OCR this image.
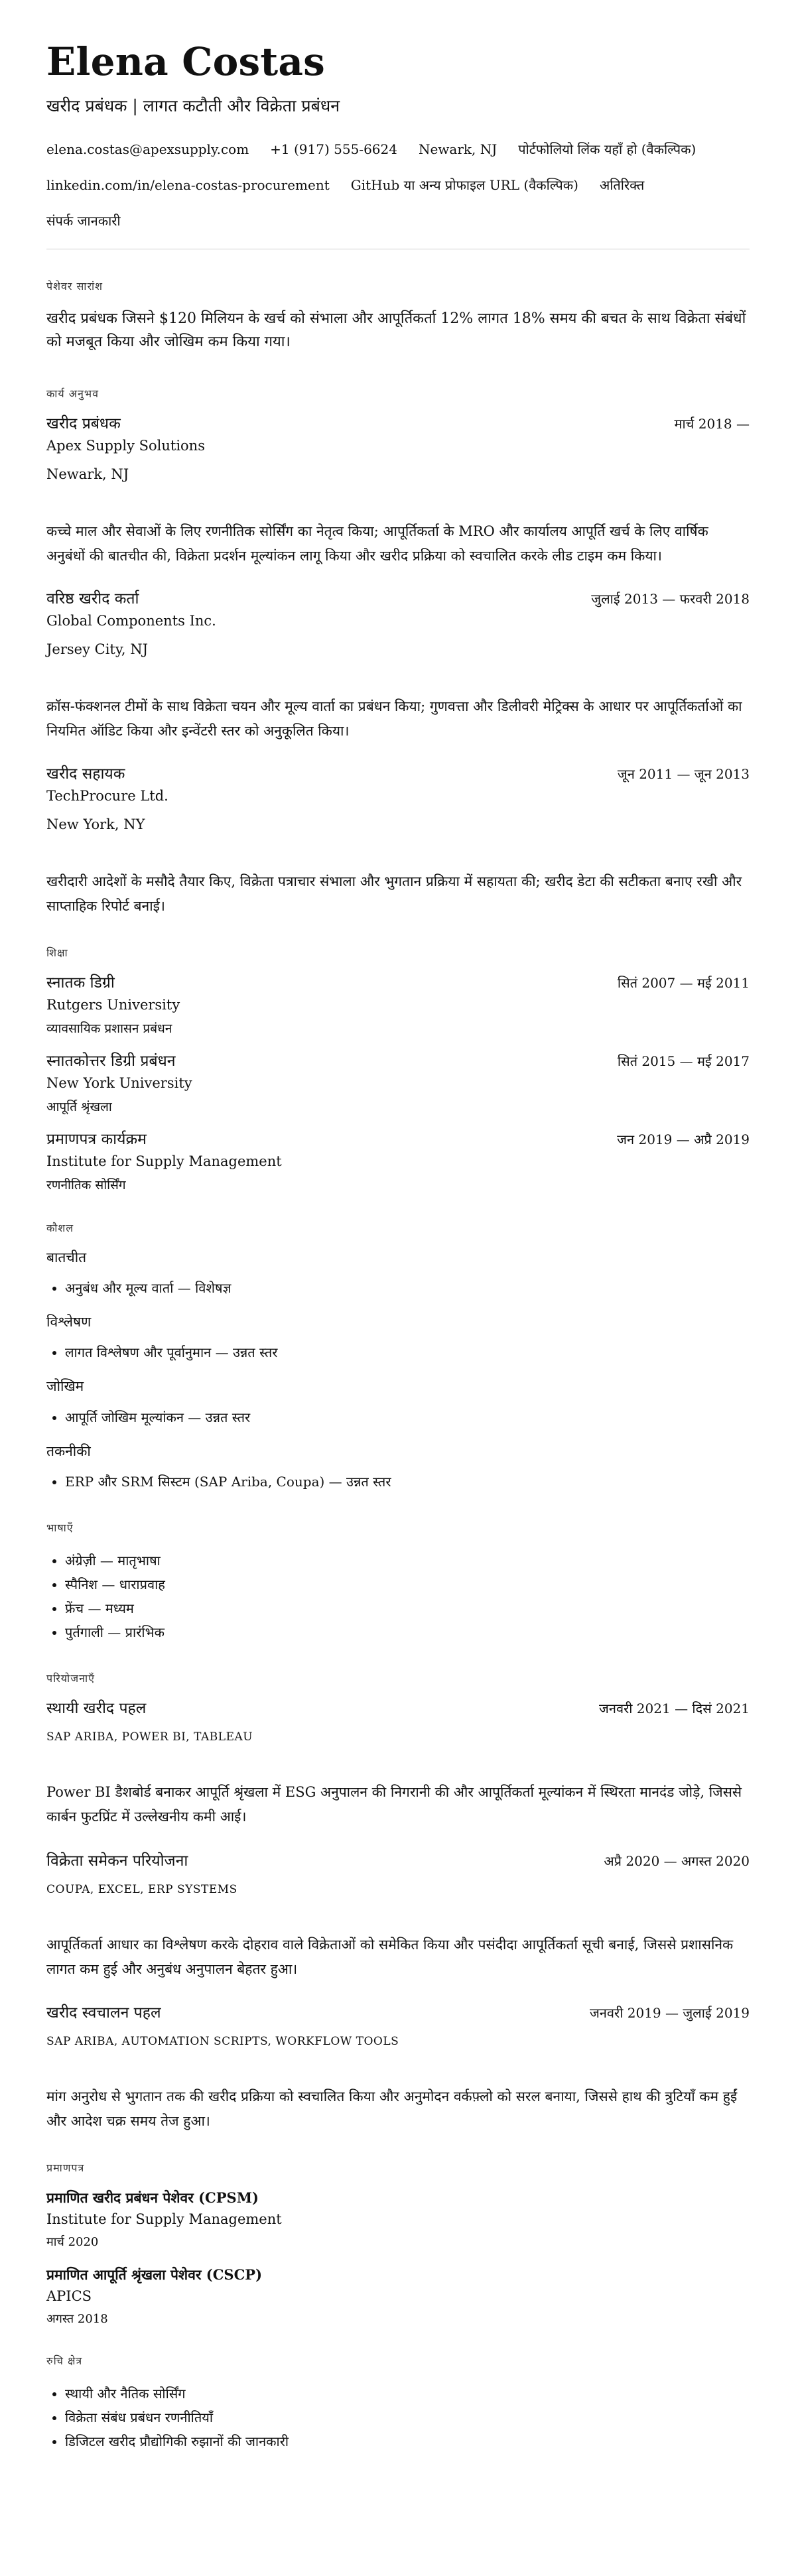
Elena Costas
खरीद प्रबंधक | लागत कटौती और विक्रेता प्रबंधन
elena.costas@apexsupply.com +1 (917) 555-6624 Newark, NJ पोर्टफोलियो लिंक यहाँ हो (वैकल्पिक)
linkedin.com/in/elena-costas-procurement GitHub या अन्य प्रोफाइल URL (वैकल्पिक) अतिरिक्त
संपर्क जानकारी
पेशेवर सारांश

खरीद प्रबंधक जिसने $120 मिलियन के खर्च को संभाला और आपूर्तिकर्ता 12% लागत 18% समय की बचत के साथ विक्रेता संबंधों को मजबूत किया और जोखिम कम किया गया।

कार्य अनुभव
खरीद प्रबंधक	मार्च 2018 —
Apex Supply Solutions
Newark, NJ
कच्चे माल और सेवाओं के लिए रणनीतिक सोर्सिंग का नेतृत्व किया; आपूर्तिकर्ता के MRO और कार्यालय आपूर्ति खर्च के लिए वार्षिक अनुबंधों की बातचीत की, विक्रेता प्रदर्शन मूल्यांकन लागू किया और खरीद प्रक्रिया को स्वचालित करके लीड टाइम कम किया।
वरिष्ठ खरीद कर्ता	जुलाई 2013 — फरवरी 2018
Global Components Inc.
Jersey City, NJ
क्रॉस-फंक्शनल टीमों के साथ विक्रेता चयन और मूल्य वार्ता का प्रबंधन किया; गुणवत्ता और डिलीवरी मेट्रिक्स के आधार पर आपूर्तिकर्ताओं का नियमित ऑडिट किया और इन्वेंटरी स्तर को अनुकूलित किया।
खरीद सहायक	जून 2011 — जून 2013
TechProcure Ltd.
New York, NY
खरीदारी आदेशों के मसौदे तैयार किए, विक्रेता पत्राचार संभाला और भुगतान प्रक्रिया में सहायता की; खरीद डेटा की सटीकता बनाए रखी और साप्ताहिक रिपोर्ट बनाई।
शिक्षा
स्नातक डिग्री	सितं 2007 — मई 2011
Rutgers University
व्यावसायिक प्रशासन प्रबंधन
स्नातकोत्तर डिग्री प्रबंधन	सितं 2015 — मई 2017
New York University
आपूर्ति श्रृंखला
प्रमाणपत्र कार्यक्रम	जन 2019 — अप्रै 2019
Institute for Supply Management
रणनीतिक सोर्सिंग
कौशल
बातचीत
• अनुबंध और मूल्य वार्ता — विशेषज्ञ
विश्लेषण
• लागत विश्लेषण और पूर्वानुमान — उन्नत स्तर
जोखिम
• आपूर्ति जोखिम मूल्यांकन — उन्नत स्तर
तकनीकी
• ERP और SRM सिस्टम (SAP Ariba, Coupa) — उन्नत स्तर
भाषाएँ
• अंग्रेज़ी — मातृभाषा
• स्पैनिश — धाराप्रवाह
• फ्रेंच — मध्यम
• पुर्तगाली — प्रारंभिक
परियोजनाएँ
स्थायी खरीद पहल	जनवरी 2021 — दिसं 2021
SAP ARIBA, POWER BI, TABLEAU
Power BI डैशबोर्ड बनाकर आपूर्ति श्रृंखला में ESG अनुपालन की निगरानी की और आपूर्तिकर्ता मूल्यांकन में स्थिरता मानदंड जोड़े, जिससे कार्बन फुटप्रिंट में उल्लेखनीय कमी आई।
विक्रेता समेकन परियोजना	अप्रै 2020 — अगस्त 2020
COUPA, EXCEL, ERP SYSTEMS
आपूर्तिकर्ता आधार का विश्लेषण करके दोहराव वाले विक्रेताओं को समेकित किया और पसंदीदा आपूर्तिकर्ता सूची बनाई, जिससे प्रशासनिक लागत कम हुई और अनुबंध अनुपालन बेहतर हुआ।
खरीद स्वचालन पहल	जनवरी 2019 — जुलाई 2019
SAP ARIBA, AUTOMATION SCRIPTS, WORKFLOW TOOLS
मांग अनुरोध से भुगतान तक की खरीद प्रक्रिया को स्वचालित किया और अनुमोदन वर्कफ़्लो को सरल बनाया, जिससे हाथ की त्रुटियाँ कम हुईं और आदेश चक्र समय तेज हुआ।
प्रमाणपत्र
प्रमाणित खरीद प्रबंधन पेशेवर (CPSM)
Institute for Supply Management
मार्च 2020
प्रमाणित आपूर्ति श्रृंखला पेशेवर (CSCP)
APICS
अगस्त 2018
रुचि क्षेत्र
• स्थायी और नैतिक सोर्सिंग
• विक्रेता संबंध प्रबंधन रणनीतियाँ
• डिजिटल खरीद प्रौद्योगिकी रुझानों की जानकारी
